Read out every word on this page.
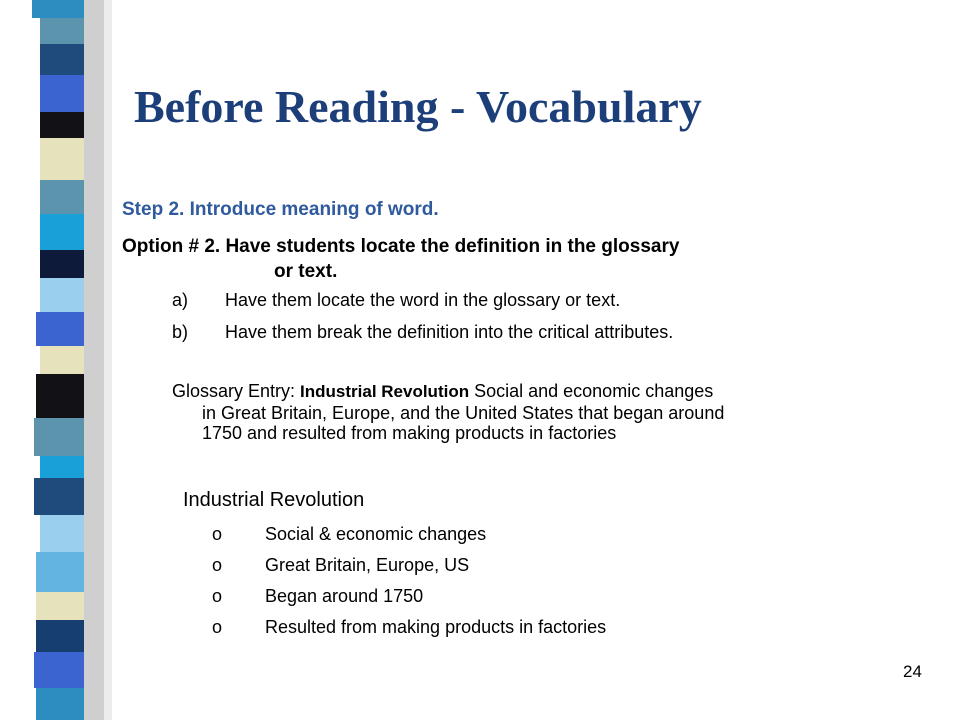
Before Reading - Vocabulary
Step 2. Introduce meaning of word.
Option # 2. Have students locate the definition in the glossary
or text.
a) Have them locate the word in the glossary or text.
b) Have them break the definition into the critical attributes.
Glossary Entry: Industrial Revolution Social and economic changes
in Great Britain, Europe, and the United States that began around
1750 and resulted from making products in factories
Industrial Revolution
o Social & economic changes
o Great Britain, Europe, US
o Began around 1750
o Resulted from making products in factories
24
